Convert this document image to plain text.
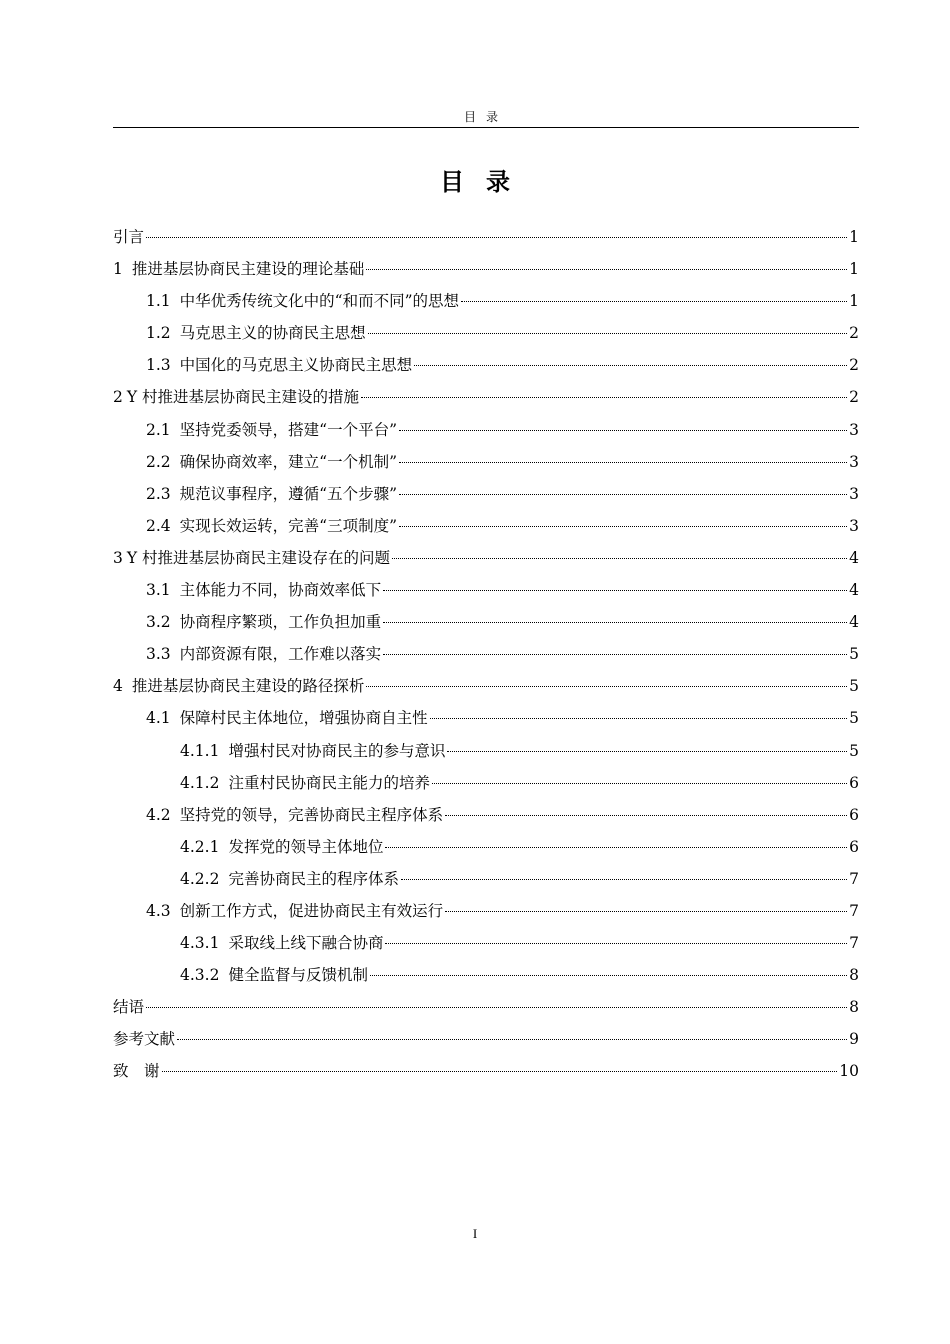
目录
目录
引言	1
1 推进基层协商民主建设的理论基础	1
1.1 中华优秀传统文化中的“和而不同”的思想	1
1.2 马克思主义的协商民主思想	2
1.3 中国化的马克思主义协商民主思想	2
2 Y 村推进基层协商民主建设的措施	2
2.1 坚持党委领导，搭建“一个平台”	3
2.2 确保协商效率，建立“一个机制”	3
2.3 规范议事程序，遵循“五个步骤”	3
2.4 实现长效运转，完善“三项制度”	3
3 Y 村推进基层协商民主建设存在的问题	4
3.1 主体能力不同，协商效率低下	4
3.2 协商程序繁琐，工作负担加重	4
3.3 内部资源有限，工作难以落实	5
4 推进基层协商民主建设的路径探析	5
4.1 保障村民主体地位，增强协商自主性	5
4.1.1 增强村民对协商民主的参与意识	5
4.1.2 注重村民协商民主能力的培养	6
4.2 坚持党的领导，完善协商民主程序体系	6
4.2.1 发挥党的领导主体地位	6
4.2.2 完善协商民主的程序体系	7
4.3 创新工作方式，促进协商民主有效运行	7
4.3.1 采取线上线下融合协商	7
4.3.2 健全监督与反馈机制	8
结语	8
参考文献	9
致　谢	10
I
